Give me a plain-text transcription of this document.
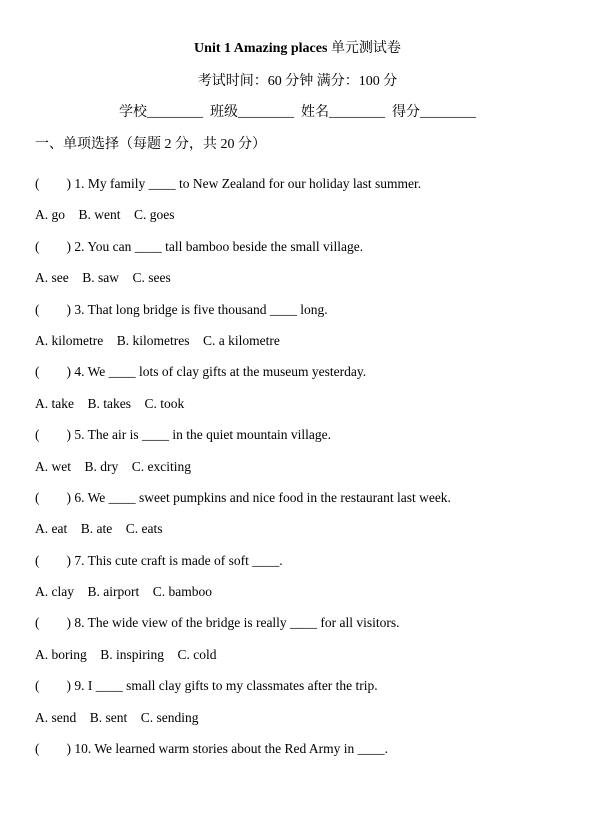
Unit 1 Amazing places 单元测试卷
考试时间：60 分钟 满分：100 分
学校________  班级________  姓名________  得分________
一、单项选择（每题 2 分，共 20 分）
(        ) 1. My family ____ to New Zealand for our holiday last summer.
A. go    B. went    C. goes
(        ) 2. You can ____ tall bamboo beside the small village.
A. see    B. saw    C. sees
(        ) 3. That long bridge is five thousand ____ long.
A. kilometre    B. kilometres    C. a kilometre
(        ) 4. We ____ lots of clay gifts at the museum yesterday.
A. take    B. takes    C. took
(        ) 5. The air is ____ in the quiet mountain village.
A. wet    B. dry    C. exciting
(        ) 6. We ____ sweet pumpkins and nice food in the restaurant last week.
A. eat    B. ate    C. eats
(        ) 7. This cute craft is made of soft ____.
A. clay    B. airport    C. bamboo
(        ) 8. The wide view of the bridge is really ____ for all visitors.
A. boring    B. inspiring    C. cold
(        ) 9. I ____ small clay gifts to my classmates after the trip.
A. send    B. sent    C. sending
(        ) 10. We learned warm stories about the Red Army in ____.
